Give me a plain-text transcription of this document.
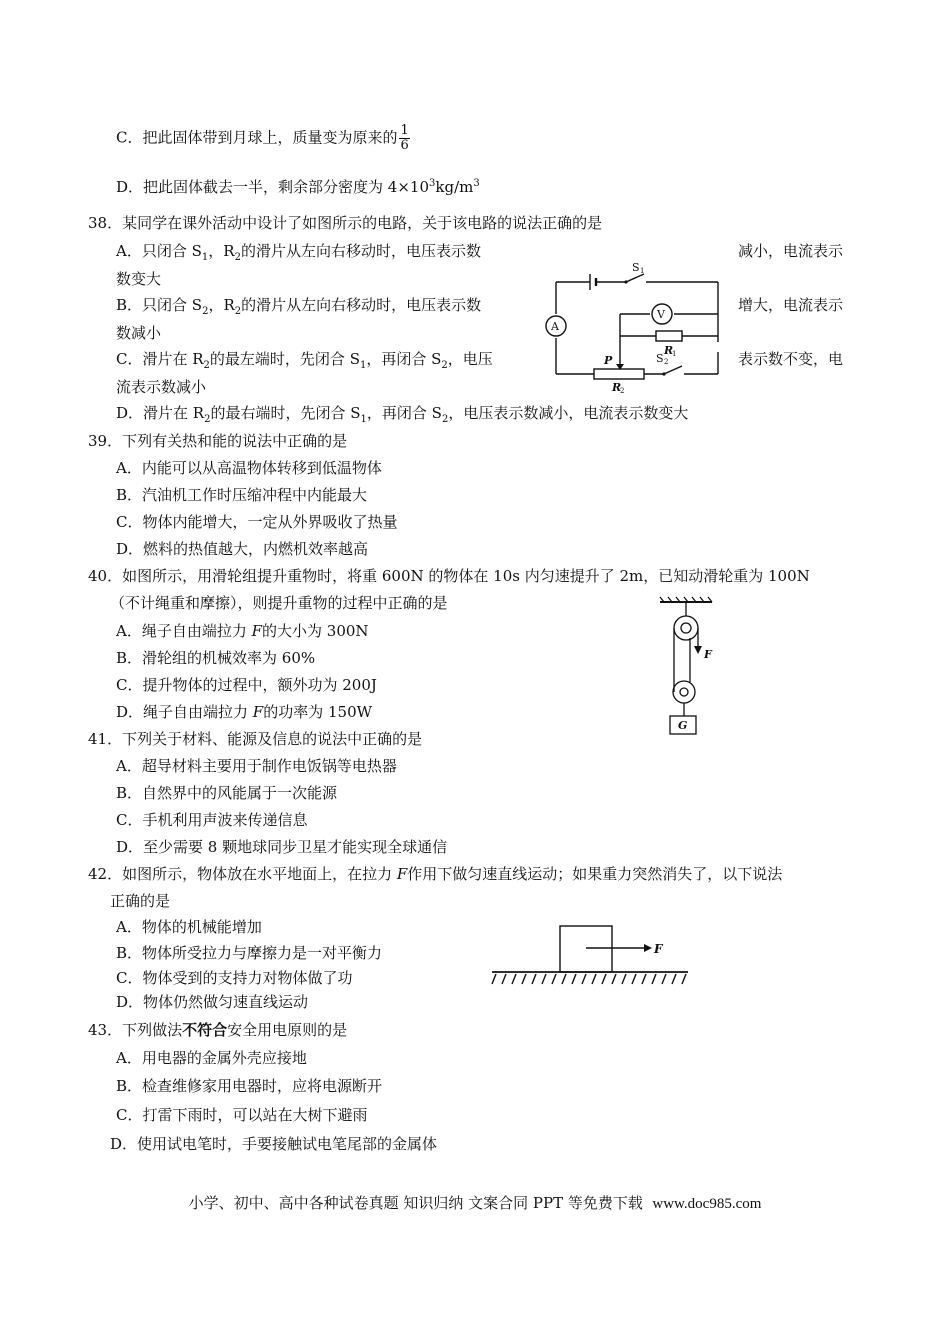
C．把此固体带到月球上，质量变为原来的 $\frac{1}{6}$
D．把此固体截去一半，剩余部分密度为 $4\times 10^3kg/m^3$
38．某同学在课外活动中设计了如图所示的电路，关于该电路的说法正确的是
A．只闭合 $S_1$，$R_2$的滑片从左向右移动时，电压表示数	减小，电流表示
数变大
B．只闭合 $S_2$，$R_2$的滑片从左向右移动时，电压表示数	增大，电流表示
数减小
C．滑片在 $R_2$的最左端时，先闭合 $S_1$，再闭合 $S_2$，电压	表示数不变，电
流表示数减小
D．滑片在 $R_2$的最右端时，先闭合 $S_1$，再闭合 $S_2$，电压表示数减小，电流表示数变大
A
V
S 1
R
1
P	S 2
R
2
39．下列有关热和能的说法中正确的是
A．内能可以从高温物体转移到低温物体
B．汽油机工作时压缩冲程中内能最大
C．物体内能增大，一定从外界吸收了热量
D．燃料的热值越大，内燃机效率越高
40．如图所示，用滑轮组提升重物时，将重 600N 的物体在 10s 内匀速提升了 2m，已知动滑轮重为 100N
（不计绳重和摩擦），则提升重物的过程中正确的是
A．绳子自由端拉力 F的大小为 300N
B．滑轮组的机械效率为 60%
C．提升物体的过程中，额外功为 200J
D．绳子自由端拉力 F的功率为 150W
F
G
41．下列关于材料、能源及信息的说法中正确的是
A．超导材料主要用于制作电饭锅等电热器
B．自然界中的风能属于一次能源
C．手机利用声波来传递信息
D．至少需要 8 颗地球同步卫星才能实现全球通信
42．如图所示，物体放在水平地面上，在拉力 F作用下做匀速直线运动；如果重力突然消失了，以下说法
正确的是
A．物体的机械能增加
B．物体所受拉力与摩擦力是一对平衡力
C．物体受到的支持力对物体做了功
D．物体仍然做匀速直线运动
F
43．下列做法不符合安全用电原则的是
A．用电器的金属外壳应接地
B．检查维修家用电器时，应将电源断开
C．打雷下雨时，可以站在大树下避雨
D．使用试电笔时，手要接触试电笔尾部的金属体
小学、初中、高中各种试卷真题 知识归纳 文案合同 PPT 等免费下载 www.doc985.com
